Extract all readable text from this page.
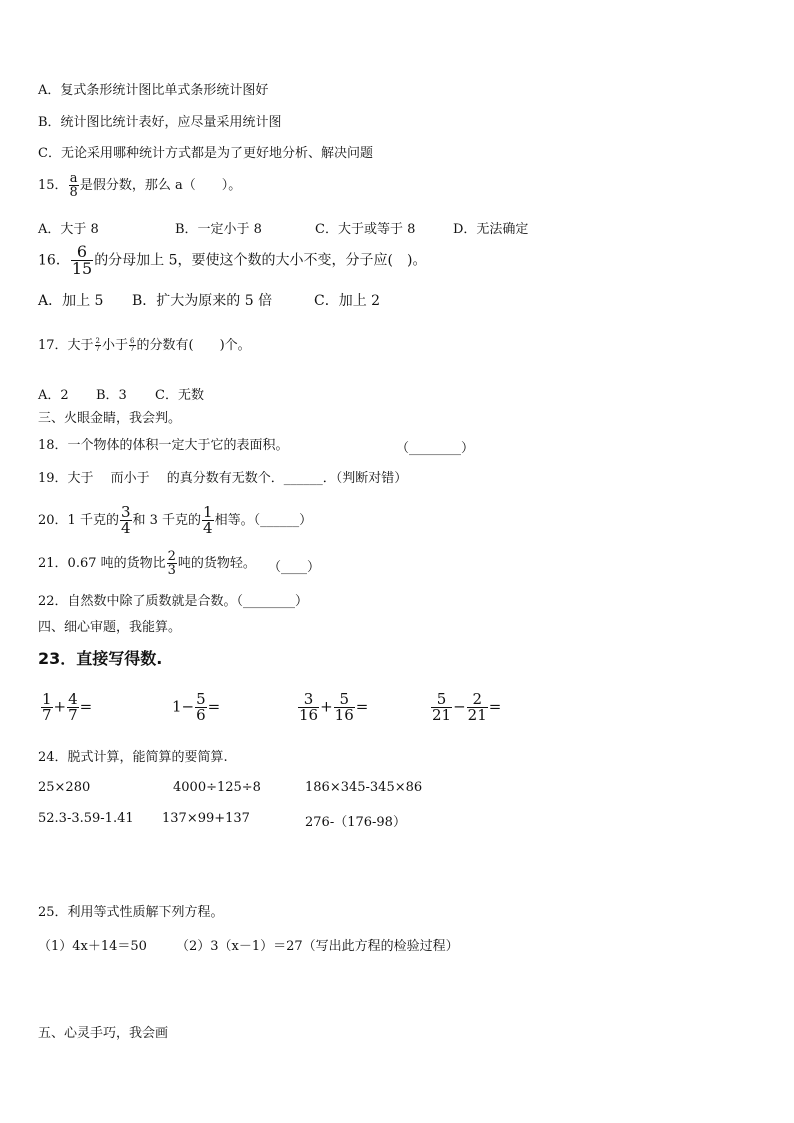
A．复式条形统计图比单式条形统计图好
B．统计图比统计表好，应尽量采用统计图
C．无论采用哪种统计方式都是为了更好地分析、解决问题
15． $\frac{a}{8}$ 是假分数，那么 a（　　）。
A．大于 8	B．一定小于 8	C．大于或等于 8	D．无法确定
16． $\frac{6}{15}$ 的分母加上 5，要使这个数的大小不变，分子应(　)。
A．加上 5 B．扩大为原来的 5 倍	C．加上 2
17．大于 $\frac{2}{7}$ 小于 $\frac{6}{7}$ 的分数有(　　)个。
A．2 B．3 C．无数
三、火眼金睛，我会判。
18．一个物体的体积一定大于它的表面积。	（________）
19．大于　 而小于　 的真分数有无数个．______．（判断对错）
20．1 千克的 $\frac{3}{4}$ 和 3 千克的 $\frac{1}{4}$ 相等。（______）
21．0.67 吨的货物比 $\frac{2}{3}$ 吨的货物轻。 （____）
22．自然数中除了质数就是合数。（________）
四、细心审题，我能算。
23．直接写得数.
$\frac{1}{7} + \frac{4}{7}$ =	$1- \frac{5}{6}$ =	$\frac{3}{16} + \frac{5}{16}$ =	$\frac{5}{21} - \frac{2}{21}$ =
24．脱式计算，能简算的要简算.
25×280	4000÷125÷8	186×345-345×86
52.3-3.59-1.41 137×99+137	276-（176-98）
25．利用等式性质解下列方程。
（1）4x＋14＝50 （2）3（x－1）＝27（写出此方程的检验过程）
五、心灵手巧，我会画
